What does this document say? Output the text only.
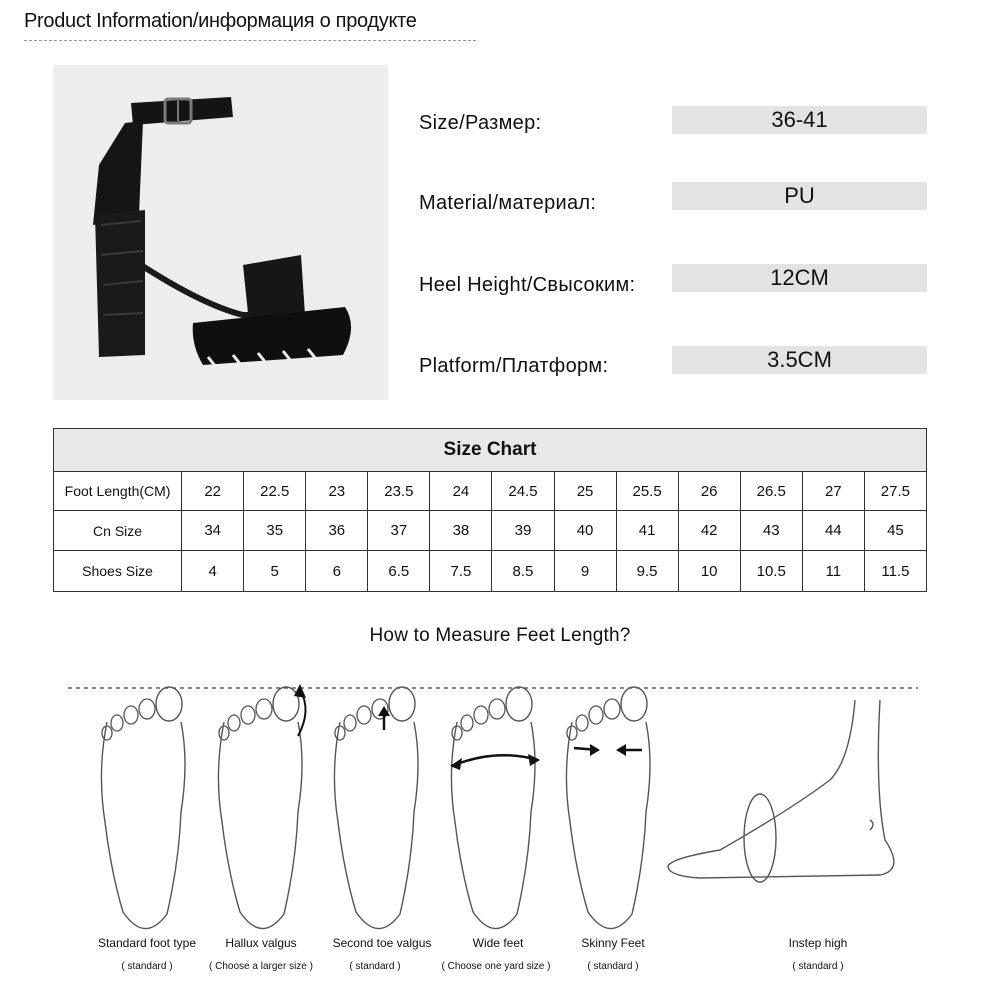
Product Information/информация о продукте
Size/Размер:	36-41
Material/материал:	PU
Heel Height/Свысоким:	12CM
Platform/Платформ:	3.5CM
Size Chart												
Foot Length(CM)	22	22.5	23	23.5	24	24.5	25	25.5	26	26.5	27	27.5
Cn Size	34	35	36	37	38	39	40	41	42	43	44	45
Shoes Size	4	5	6	6.5	7.5	8.5	9	9.5	10	10.5	11	11.5
How to Measure Feet Length?
Standard foot type
( standard )
Hallux valgus
( Choose a larger size )
Second toe valgus
( standard )
Wide feet
( Choose one yard size )
Skinny Feet
( standard )
Instep high
( standard )
